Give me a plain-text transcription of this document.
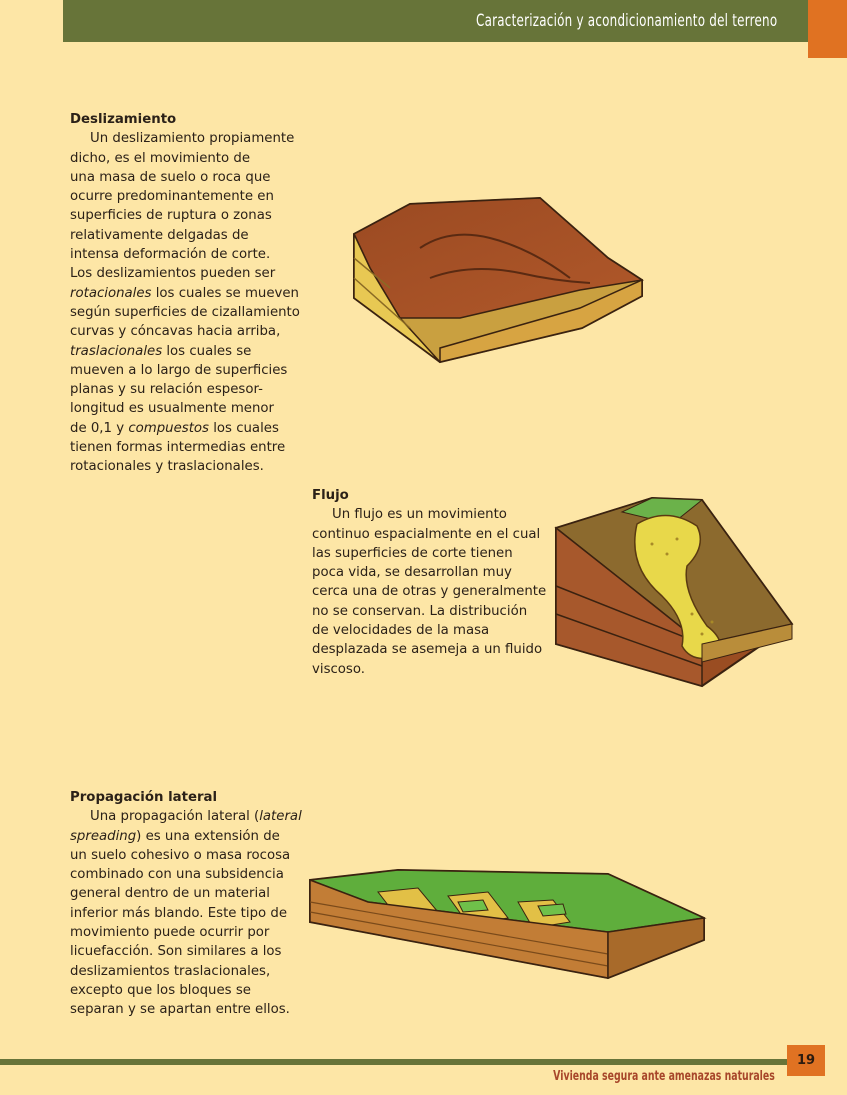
Caracterización y acondicionamiento del terreno
Deslizamiento

Un deslizamiento propiamente
dicho, es el movimiento de
una masa de suelo o roca que
ocurre predominantemente en
superficies de ruptura o zonas
relativamente delgadas de
intensa deformación de corte.
Los deslizamientos pueden ser
rotacionales los cuales se mueven
según superficies de cizallamiento
curvas y cóncavas hacia arriba,
traslacionales los cuales se
mueven a lo largo de superficies
planas y su relación espesor-
longitud es usualmente menor
de 0,1 y compuestos los cuales
tienen formas intermedias entre
rotacionales y traslacionales.

Flujo

Un flujo es un movimiento
continuo espacialmente en el cual
las superficies de corte tienen
poca vida, se desarrollan muy
cerca una de otras y generalmente
no se conservan. La distribución
de velocidades de la masa
desplazada se asemeja a un fluido
viscoso.

Propagación lateral

Una propagación lateral (lateral
spreading) es una extensión de
un suelo cohesivo o masa rocosa
combinado con una subsidencia
general dentro de un material
inferior más blando. Este tipo de
movimiento puede ocurrir por
licuefacción. Son similares a los
deslizamientos traslacionales,
excepto que los bloques se
separan y se apartan entre ellos.

19
Vivienda segura ante amenazas naturales
